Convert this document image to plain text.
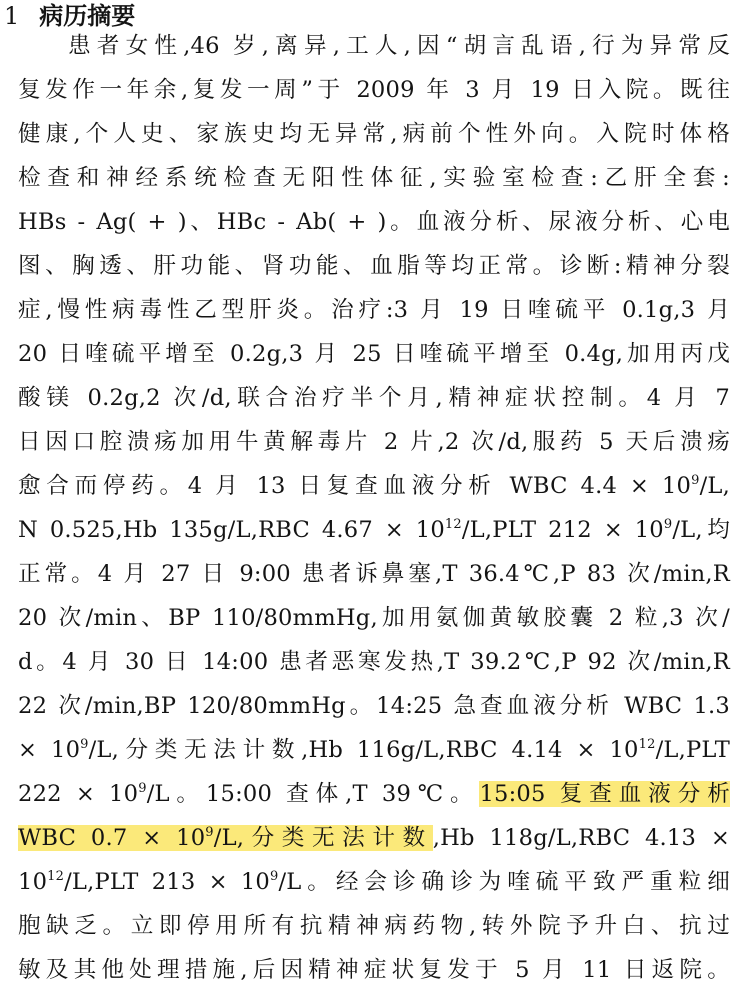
1 病历摘要
患者女性,46 岁,离异,工人,因“胡言乱语,行为异常反
复发作一年余,复发一周”于 2009 年 3 月 19 日入院。既往
健康,个人史、家族史均无异常,病前个性外向。入院时体格
检查和神经系统检查无阳性体征,实验室检查:乙肝全套:
HBs - Ag( + )、HBc - Ab( + )。血液分析、尿液分析、心电
图、胸透、肝功能、肾功能、血脂等均正常。诊断:精神分裂
症,慢性病毒性乙型肝炎。治疗:3 月 19 日喹硫平 0.1g,3 月
20 日喹硫平增至 0.2g,3 月 25 日喹硫平增至 0.4g,加用丙戊
酸镁 0.2g,2 次/d,联合治疗半个月,精神症状控制。4 月 7
日因口腔溃疡加用牛黄解毒片 2 片,2 次/d,服药 5 天后溃疡
愈合而停药。4 月 13 日复查血液分析 WBC $4.4 \times 10^9/L$,
N 0.525,Hb 135g/L,RBC $4.67 \times 10^{12}/L,PLT$ $212 \times 10^9/L$,均
正常。4 月 27 日 9:00 患者诉鼻塞,T 36.4℃,P 83 次/min,R
20 次/min、BP 110/80mmHg,加用氨伽黄敏胶囊 2 粒,3 次/
d。4 月 30 日 14:00 患者恶寒发热,T 39.2℃,P 92 次/min,R
22 次/min,BP 120/80mmHg。14:25 急查血液分析 WBC 1.3
× $10^9/L$,分类无法计数,Hb 116g/L,RBC $4.14 \times 10^{12}/L,PLT$
$222 \times 10^9/L$。15:00 查体,T 39℃。15:05 复查血液分析
WBC $0.7 \times 10^9/L$,分类无法计数,Hb 118g/L,RBC 4.13 ×
$10^{12}/L,PLT$ $213 \times 10^9/L$。经会诊确诊为喹硫平致严重粒细
胞缺乏。立即停用所有抗精神病药物,转外院予升白、抗过
敏及其他处理措施,后因精神症状复发于 5 月 11 日返院。
